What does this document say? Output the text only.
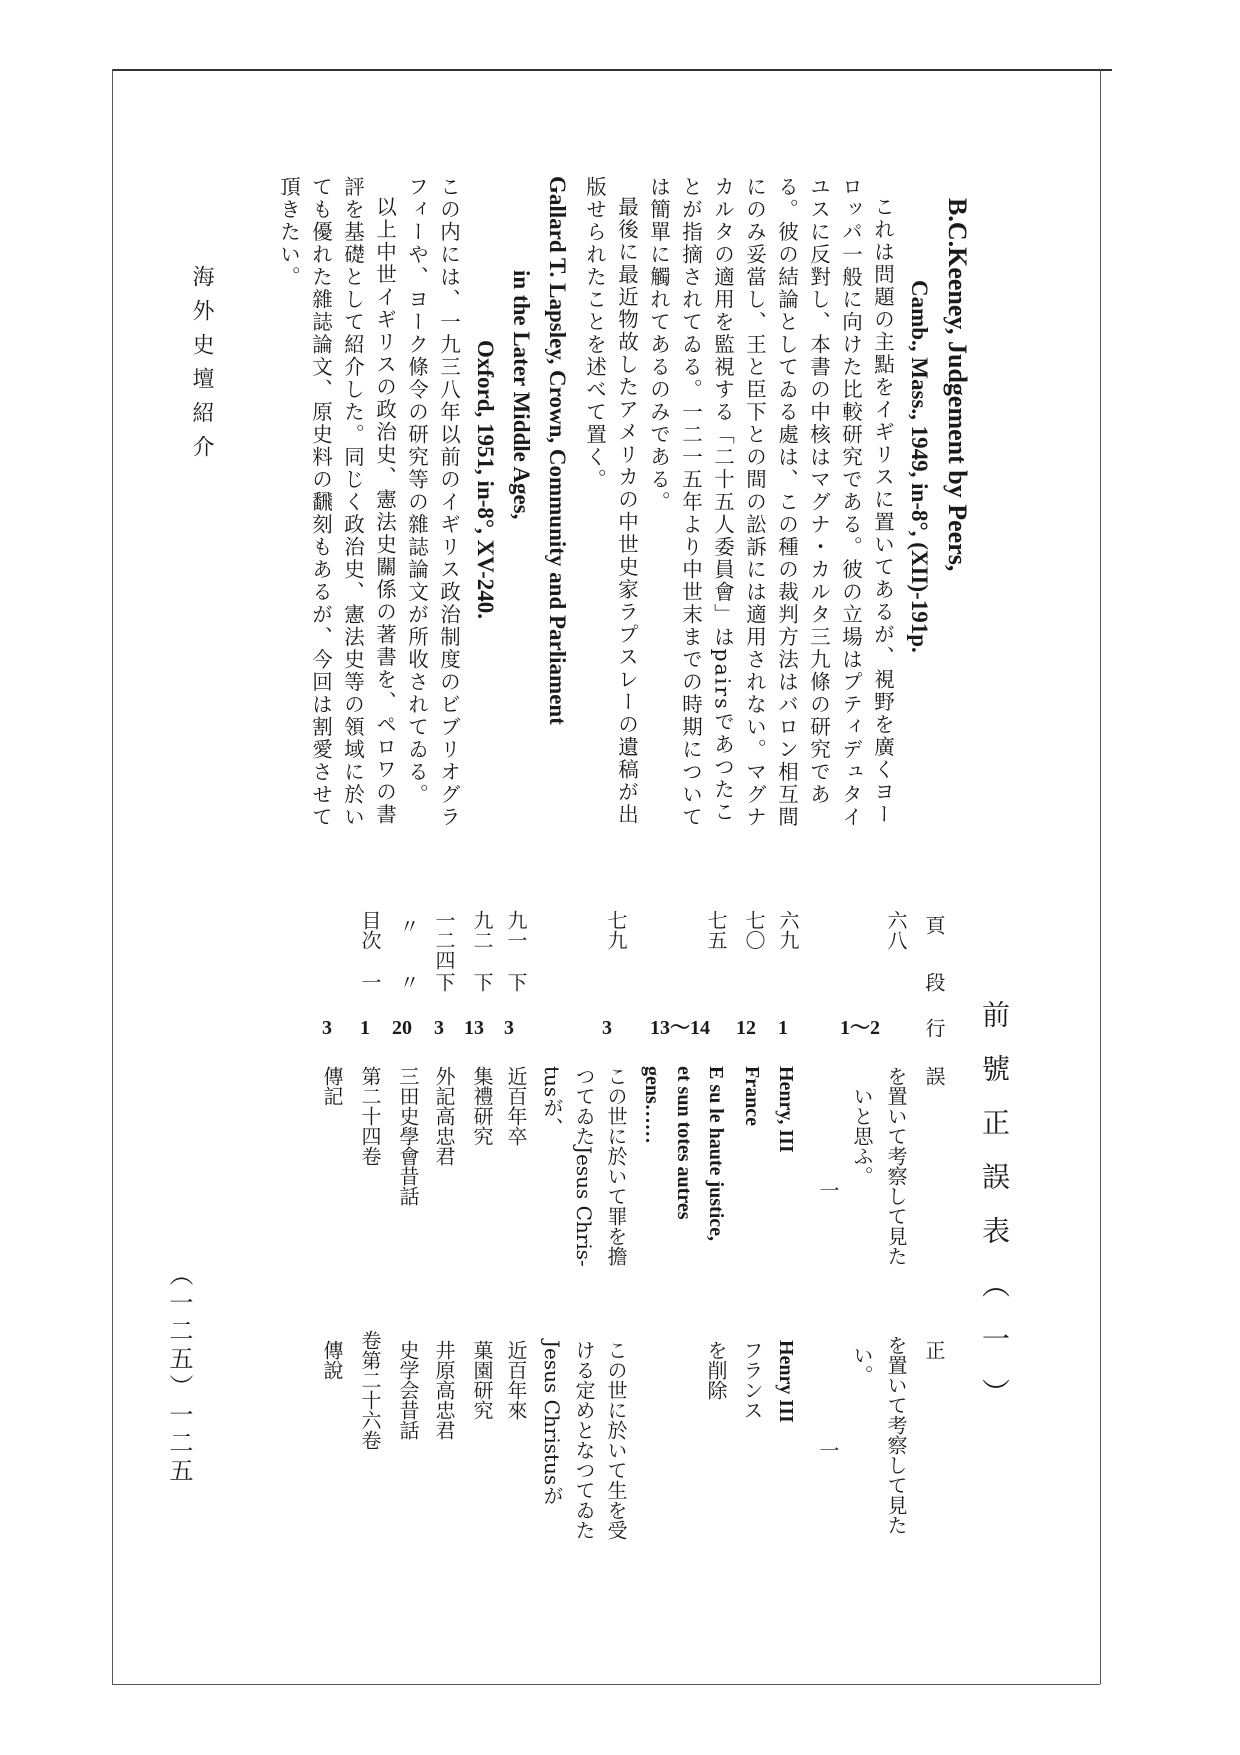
B.C.Keeney, Judgement by Peers,
Camb., Mass., 1949, in-8°, (XII)-191p.
これは問題の主點をイギリスに置いてあるが、視野を廣くヨー
ロッパ一般に向けた比較研究である。彼の立場はプティデュタイ
ユスに反對し、本書の中核はマグナ・カルタ三九條の研究であ
る。彼の結論としてゐる處は、この種の裁判方法はバロン相互間
にのみ妥當し、王と臣下との間の訟訴には適用されない。マグナ
カルタの適用を監視する「二十五人委員會」はpairsであつたこ
とが指摘されてゐる。一二一五年より中世末までの時期について
は簡單に觸れてあるのみである。
最後に最近物故したアメリカの中世史家ラプスレーの遺稿が出
版せられたことを述べて置く。
Gallard T. Lapsley, Crown, Community and Parliament
in the Later Middle Ages,
Oxford, 1951, in-8°, XV-240.
この内には、一九三八年以前のイギリス政治制度のビブリオグラ
フィーや、ヨーク條令の研究等の雜誌論文が所收されてゐる。
以上中世イギリスの政治史、憲法史關係の著書を、ペロワの書
評を基礎として紹介した。同じく政治史、憲法史等の領域に於い
ても優れた雜誌論文、原史料の飜刻もあるが、今回は割愛させて
頂きたい。
海外史壇紹介
前號正誤表（一）
頁
段
行
誤
正
六八
1～2
を置いて考察して見た
いと思ふ。
を置いて考察して見た
い。
一
一
六九
1
Henry, III
Henry III
七〇
12
France
フランス
七五
13～14
E su le haute justice,
et sun totes autres
gens……
を削除
七九
3
この世に於いて罪を擔
つてゐたJesus Chris-
tusが、
この世に於いて生を受
ける定めとなつてゐた
Jesus Christusが
九一
下
3
近百年卒
近百年來
九二
下
13
集禮研究
菓園研究
一二四
下
3
外記高忠君
井原高忠君
〃
〃
20
三田史學會昔話
史学会昔話
目次
一
1
第二十四卷
卷第二十六卷
3
傳記
傳說
（一二五）一二五
